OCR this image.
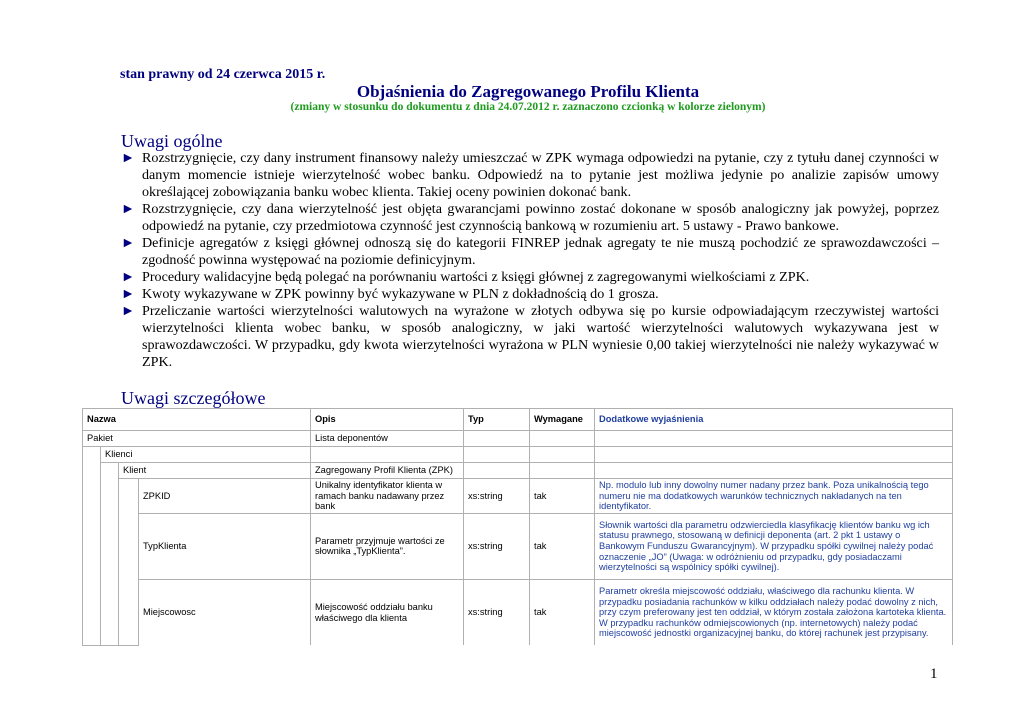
stan prawny od 24 czerwca 2015 r.
Objaśnienia do Zagregowanego Profilu Klienta
(zmiany w stosunku do dokumentu z dnia 24.07.2012 r. zaznaczono czcionką w kolorze zielonym)
Uwagi ogólne
► Rozstrzygnięcie, czy dany instrument finansowy należy umieszczać w ZPK wymaga odpowiedzi na pytanie, czy z tytułu danej czynności w danym momencie istnieje wierzytelność wobec banku. Odpowiedź na to pytanie jest możliwa jedynie po analizie zapisów umowy określającej zobowiązania banku wobec klienta. Takiej oceny powinien dokonać bank.
► Rozstrzygnięcie, czy dana wierzytelność jest objęta gwarancjami powinno zostać dokonane w sposób analogiczny jak powyżej, poprzez odpowiedź na pytanie, czy przedmiotowa czynność jest czynnością bankową w rozumieniu art. 5 ustawy - Prawo bankowe.
► Definicje agregatów z księgi głównej odnoszą się do kategorii FINREP jednak agregaty te nie muszą pochodzić ze sprawozdawczości – zgodność powinna występować na poziomie definicyjnym.
► Procedury walidacyjne będą polegać na porównaniu wartości z księgi głównej z zagregowanymi wielkościami z ZPK.
► Kwoty wykazywane w ZPK powinny być wykazywane w PLN z dokładnością do 1 grosza.
► Przeliczanie wartości wierzytelności walutowych na wyrażone w złotych odbywa się po kursie odpowiadającym rzeczywistej wartości wierzytelności klienta wobec banku, w sposób analogiczny, w jaki wartość wierzytelności walutowych wykazywana jest w sprawozdawczości. W przypadku, gdy kwota wierzytelności wyrażona w PLN wyniesie 0,00 takiej wierzytelności nie należy wykazywać w ZPK.
Uwagi szczegółowe
Nazwa				Opis	Typ	Wymagane	Dodatkowe wyjaśnienia
Pakiet				Lista deponentów			
	Klienci						
		Klient		Zagregowany Profil Klienta (ZPK)			
			ZPKID	Unikalny identyfikator klienta w ramach banku nadawany przez bank	xs:string	tak	Np. modulo lub inny dowolny numer nadany przez bank. Poza unikalnością tego numeru nie ma dodatkowych warunków technicznych nakładanych na ten identyfikator.
			TypKlienta	Parametr przyjmuje wartości ze słownika „TypKlienta”.	xs:string	tak	Słownik wartości dla parametru odzwierciedla klasyfikację klientów banku wg ich statusu prawnego, stosowaną w definicji deponenta (art. 2 pkt 1 ustawy o Bankowym Funduszu Gwarancyjnym). W przypadku spółki cywilnej należy podać oznaczenie „JO” (Uwaga: w odróżnieniu od przypadku, gdy posiadaczami wierzytelności są wspólnicy spółki cywilnej).
			Miejscowosc	Miejscowość oddziału banku właściwego dla klienta	xs:string	tak	Parametr określa miejscowość oddziału, właściwego dla rachunku klienta. W przypadku posiadania rachunków w kilku oddziałach należy podać dowolny z nich, przy czym preferowany jest ten oddział, w którym została założona kartoteka klienta. W przypadku rachunków odmiejscowionych (np. internetowych) należy podać miejscowość jednostki organizacyjnej banku, do której rachunek jest przypisany.
1
